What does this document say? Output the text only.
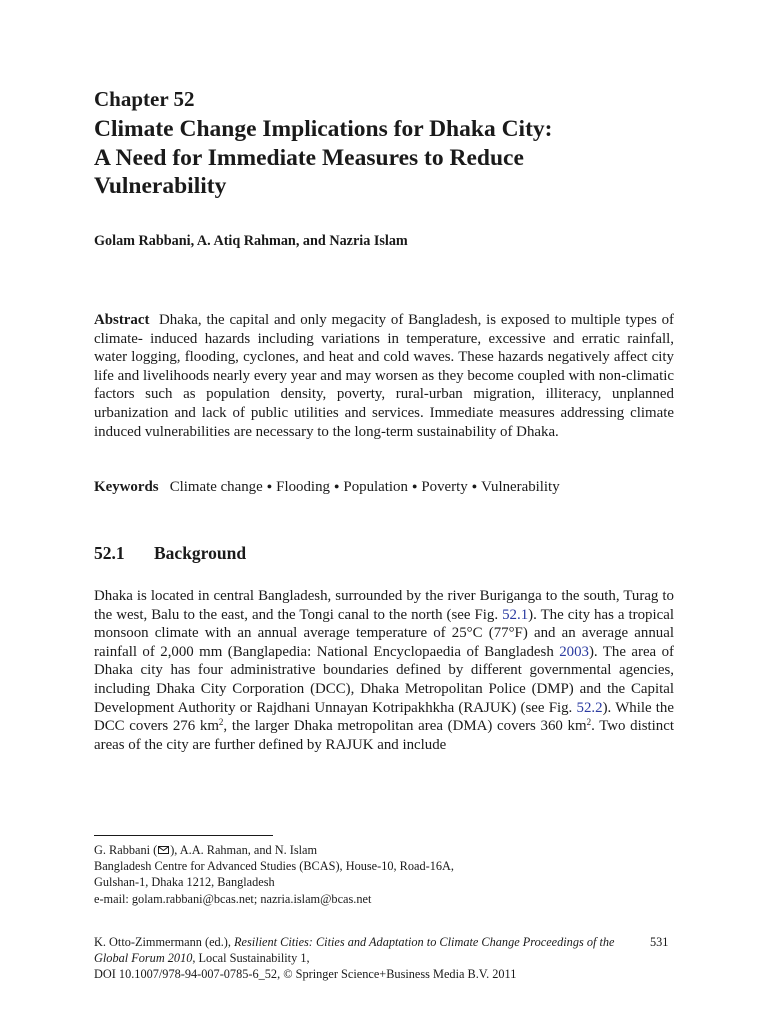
Chapter 52
Climate Change Implications for Dhaka City:
A Need for Immediate Measures to Reduce
Vulnerability
Golam Rabbani, A. Atiq Rahman, and Nazria Islam
Abstract Dhaka, the capital and only megacity of Bangladesh, is exposed to multiple types of climate- induced hazards including variations in temperature, excessive and erratic rainfall, water logging, flooding, cyclones, and heat and cold waves. These hazards negatively affect city life and livelihoods nearly every year and may worsen as they become coupled with non-climatic factors such as population density, poverty, rural-urban migration, illiteracy, unplanned urbanization and lack of public utilities and services. Immediate measures addressing climate induced vulnerabilities are necessary to the long-term sustainability of Dhaka.
Keywords Climate change ● Flooding ● Population ● Poverty ● Vulnerability
52.1 Background
Dhaka is located in central Bangladesh, surrounded by the river Buriganga to the south, Turag to the west, Balu to the east, and the Tongi canal to the north (see Fig. 52.1). The city has a tropical monsoon climate with an annual average temperature of 25°C (77°F) and an average annual rainfall of 2,000 mm (Banglapedia: National Encyclopaedia of Bangladesh 2003). The area of Dhaka city has four administrative boundaries defined by different governmental agencies, including Dhaka City Corporation (DCC), Dhaka Metropolitan Police (DMP) and the Capital Development Authority or Rajdhani Unnayan Kotripakhkha (RAJUK) (see Fig. 52.2). While the DCC covers 276 $km^2$, the larger Dhaka metropolitan area (DMA) covers 360 $km^2$. Two distinct areas of the city are further defined by RAJUK and include
G. Rabbani ( ), A.A. Rahman, and N. Islam
Bangladesh Centre for Advanced Studies (BCAS), House-10, Road-16A,
Gulshan-1, Dhaka 1212, Bangladesh
e-mail: golam.rabbani@bcas.net; nazria.islam@bcas.net
K. Otto-Zimmermann (ed.), Resilient Cities: Cities and Adaptation to Climate Change Proceedings of the Global Forum 2010, Local Sustainability 1,
DOI 10.1007/978-94-007-0785-6_52, © Springer Science+Business Media B.V. 2011
531
